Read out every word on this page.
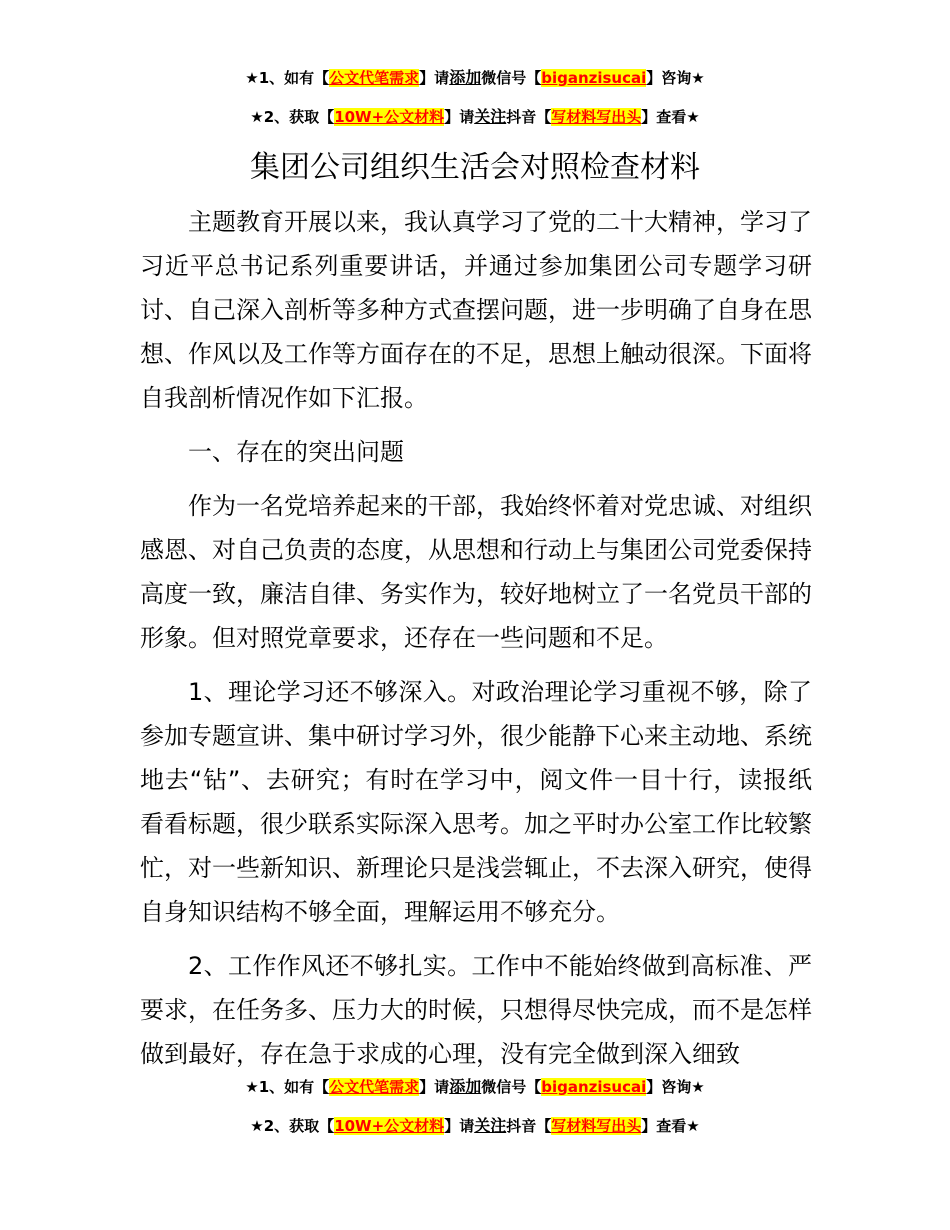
★1、如有【公文代笔需求】请添加微信号【biganzisucai】咨询★
★2、获取【10W+公文材料】请关注抖音【写材料写出头】查看★
集团公司组织生活会对照检查材料

主题教育开展以来，我认真学习了党的二十大精神，学习了习近平总书记系列重要讲话，并通过参加集团公司专题学习研讨、自己深入剖析等多种方式查摆问题，进一步明确了自身在思想、作风以及工作等方面存在的不足，思想上触动很深。下面将自我剖析情况作如下汇报。

一、存在的突出问题

作为一名党培养起来的干部，我始终怀着对党忠诚、对组织感恩、对自己负责的态度，从思想和行动上与集团公司党委保持高度一致，廉洁自律、务实作为，较好地树立了一名党员干部的形象。但对照党章要求，还存在一些问题和不足。

1、理论学习还不够深入。对政治理论学习重视不够，除了参加专题宣讲、集中研讨学习外，很少能静下心来主动地、系统地去“钻”、去研究；有时在学习中，阅文件一目十行，读报纸看看标题，很少联系实际深入思考。加之平时办公室工作比较繁忙，对一些新知识、新理论只是浅尝辄止，不去深入研究，使得自身知识结构不够全面，理解运用不够充分。

2、工作作风还不够扎实。工作中不能始终做到高标准、严要求，在任务多、压力大的时候，只想得尽快完成，而不是怎样做到最好，存在急于求成的心理，没有完全做到深入细致

★1、如有【公文代笔需求】请添加微信号【biganzisucai】咨询★
★2、获取【10W+公文材料】请关注抖音【写材料写出头】查看★
